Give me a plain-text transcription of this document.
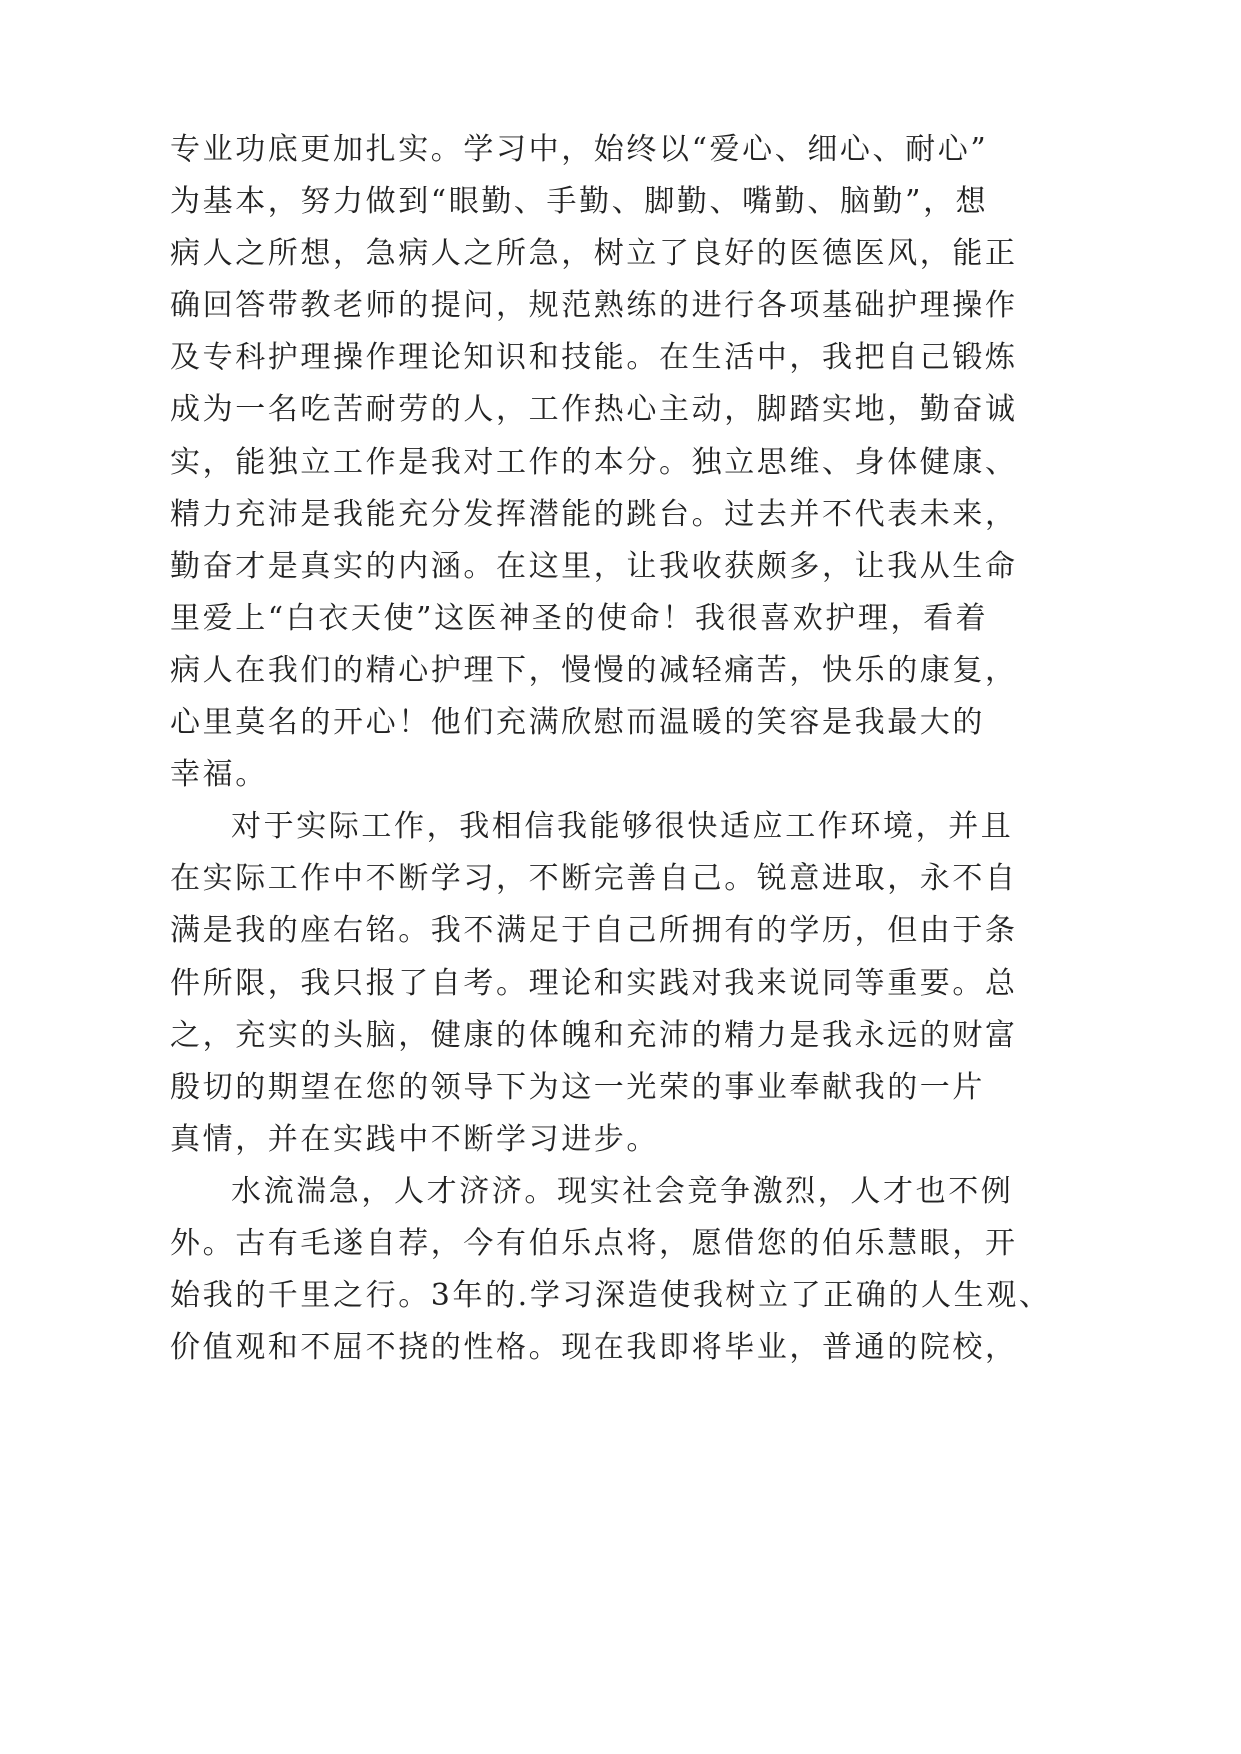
专业功底更加扎实。学习中，始终以“爱心、细心、耐心”
为基本，努力做到“眼勤、手勤、脚勤、嘴勤、脑勤”，想
病人之所想，急病人之所急，树立了良好的医德医风，能正
确回答带教老师的提问，规范熟练的进行各项基础护理操作
及专科护理操作理论知识和技能。在生活中，我把自己锻炼
成为一名吃苦耐劳的人，工作热心主动，脚踏实地，勤奋诚
实，能独立工作是我对工作的本分。独立思维、身体健康、
精力充沛是我能充分发挥潜能的跳台。过去并不代表未来，
勤奋才是真实的内涵。在这里，让我收获颇多，让我从生命
里爱上“白衣天使”这医神圣的使命！我很喜欢护理，看着
病人在我们的精心护理下，慢慢的减轻痛苦，快乐的康复，
心里莫名的开心！他们充满欣慰而温暖的笑容是我最大的
幸福。
对于实际工作，我相信我能够很快适应工作环境，并且
在实际工作中不断学习，不断完善自己。锐意进取，永不自
满是我的座右铭。我不满足于自己所拥有的学历，但由于条
件所限，我只报了自考。理论和实践对我来说同等重要。总
之，充实的头脑，健康的体魄和充沛的精力是我永远的财富
殷切的期望在您的领导下为这一光荣的事业奉献我的一片
真情，并在实践中不断学习进步。
水流湍急，人才济济。现实社会竞争激烈，人才也不例
外。古有毛遂自荐，今有伯乐点将，愿借您的伯乐慧眼，开
始我的千里之行。3年的.学习深造使我树立了正确的人生观、
价值观和不屈不挠的性格。现在我即将毕业，普通的院校，
